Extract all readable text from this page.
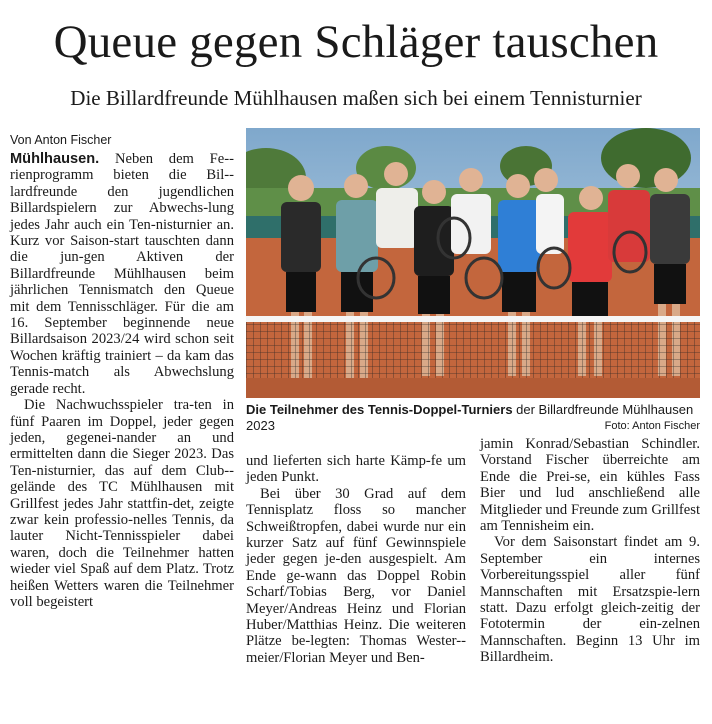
Queue gegen Schläger tauschen
Die Billardfreunde Mühlhausen maßen sich bei einem Tennisturnier
Von Anton Fischer

Mühlhausen. Neben dem Fe-rienprogramm bieten die Bil-lardfreunde den jugendlichen Billardspielern zur Abwechs-lung jedes Jahr auch ein Ten-nisturnier an. Kurz vor Saison-start tauschten dann die jun-gen Aktiven der Billardfreunde Mühlhausen beim jährlichen Tennismatch den Queue mit dem Tennisschläger. Für die am 16. September beginnende neue Billardsaison 2023/24 wird schon seit Wochen kräftig trainiert – da kam das Tennis-match als Abwechslung gerade recht.

Die Nachwuchsspieler tra-ten in fünf Paaren im Doppel, jeder gegen jeden, gegenei-nander an und ermittelten dann die Sieger 2023. Das Ten-nisturnier, das auf dem Club-gelände des TC Mühlhausen mit Grillfest jedes Jahr stattfin-det, zeigte zwar kein professio-nelles Tennis, da lauter Nicht-Tennisspieler dabei waren, doch die Teilnehmer hatten wieder viel Spaß auf dem Platz. Trotz heißen Wetters waren die Teilnehmer voll begeistert

Die Teilnehmer des Tennis-Doppel-Turniers der Billardfreunde Mühlhausen 2023	Foto: Anton Fischer

und lieferten sich harte Kämp-fe um jeden Punkt.

Bei über 30 Grad auf dem Tennisplatz floss so mancher Schweißtropfen, dabei wurde nur ein kurzer Satz auf fünf Gewinnspiele jeder gegen je-den ausgespielt. Am Ende ge-wann das Doppel Robin Scharf/Tobias Berg, vor Daniel Meyer/Andreas Heinz und Florian Huber/Matthias Heinz. Die weiteren Plätze be-legten: Thomas Wester-meier/Florian Meyer und Ben-

jamin Konrad/Sebastian Schindler. Vorstand Fischer überreichte am Ende die Prei-se, ein kühles Fass Bier und lud anschließend alle Mitglieder und Freunde zum Grillfest am Tennisheim ein.

Vor dem Saisonstart findet am 9. September ein internes Vorbereitungsspiel aller fünf Mannschaften mit Ersatzspie-lern statt. Dazu erfolgt gleich-zeitig der Fototermin der ein-zelnen Mannschaften. Beginn 13 Uhr im Billardheim.
